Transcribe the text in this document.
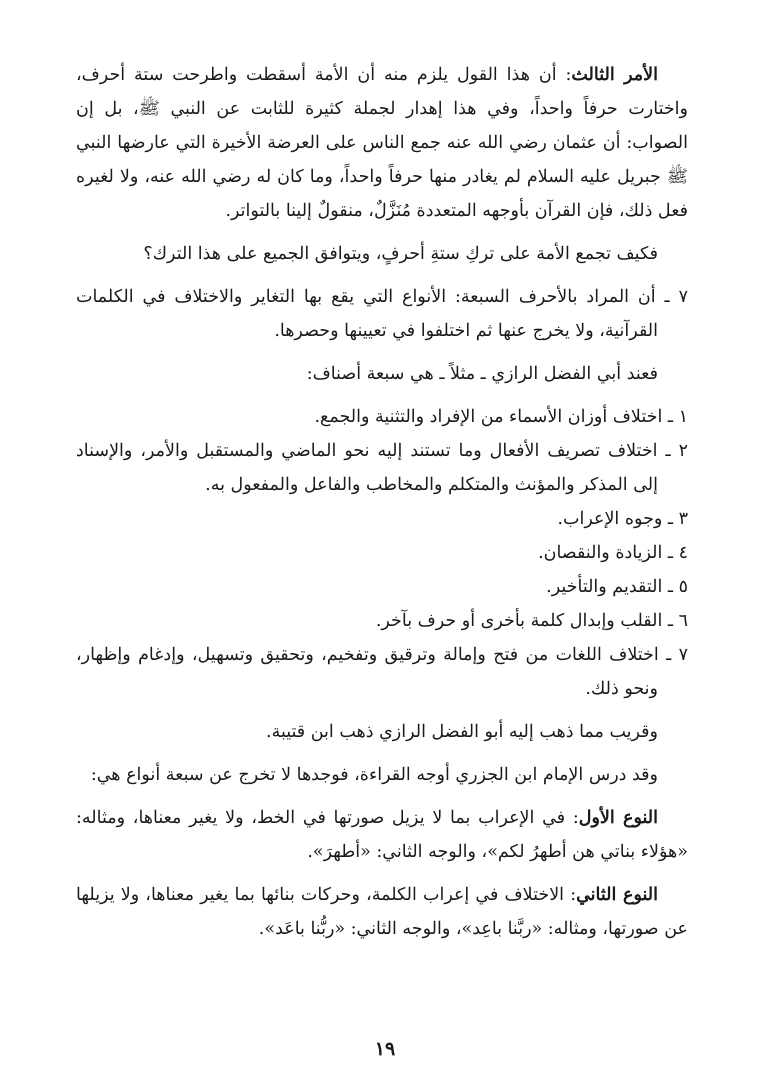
الأمر الثالث: أن هذا القول يلزم منه أن الأمة أسقطت واطرحت ستة أحرف، واختارت حرفاً واحداً، وفي هذا إهدار لجملة كثيرة للثابت عن النبي ﷺ، بل إن الصواب: أن عثمان رضي الله عنه جمع الناس على العرضة الأخيرة التي عارضها النبي ﷺ جبريل عليه السلام لم يغادر منها حرفاً واحداً، وما كان له رضي الله عنه، ولا لغيره فعل ذلك، فإن القرآن بأوجهه المتعددة مُنَزَّلٌ، منقولٌ إلينا بالتواتر.

فكيف تجمع الأمة على تركِ ستةِ أحرفٍ، ويتوافق الجميع على هذا الترك؟

٧ ـ أن المراد بالأحرف السبعة: الأنواع التي يقع بها التغاير والاختلاف في الكلمات القرآنية، ولا يخرج عنها ثم اختلفوا في تعيينها وحصرها.

فعند أبي الفضل الرازي ـ مثلاً ـ هي سبعة أصناف:

١ ـ اختلاف أوزان الأسماء من الإفراد والتثنية والجمع.

٢ ـ اختلاف تصريف الأفعال وما تستند إليه نحو الماضي والمستقبل والأمر، والإسناد إلى المذكر والمؤنث والمتكلم والمخاطب والفاعل والمفعول به.

٣ ـ وجوه الإعراب.

٤ ـ الزيادة والنقصان.

٥ ـ التقديم والتأخير.

٦ ـ القلب وإبدال كلمة بأخرى أو حرف بآخر.

٧ ـ اختلاف اللغات من فتح وإمالة وترقيق وتفخيم، وتحقيق وتسهيل، وإدغام وإظهار، ونحو ذلك.

وقريب مما ذهب إليه أبو الفضل الرازي ذهب ابن قتيبة.

وقد درس الإمام ابن الجزري أوجه القراءة، فوجدها لا تخرج عن سبعة أنواع هي:

النوع الأول: في الإعراب بما لا يزيل صورتها في الخط، ولا يغير معناها، ومثاله: «هؤلاء بناتي هن أطهرُ لكم»، والوجه الثاني: «أطهرَ».

النوع الثاني: الاختلاف في إعراب الكلمة، وحركات بنائها بما يغير معناها، ولا يزيلها عن صورتها، ومثاله: «ربَّنا باعِد»، والوجه الثاني: «ربُّنا باعَد».

١٩
